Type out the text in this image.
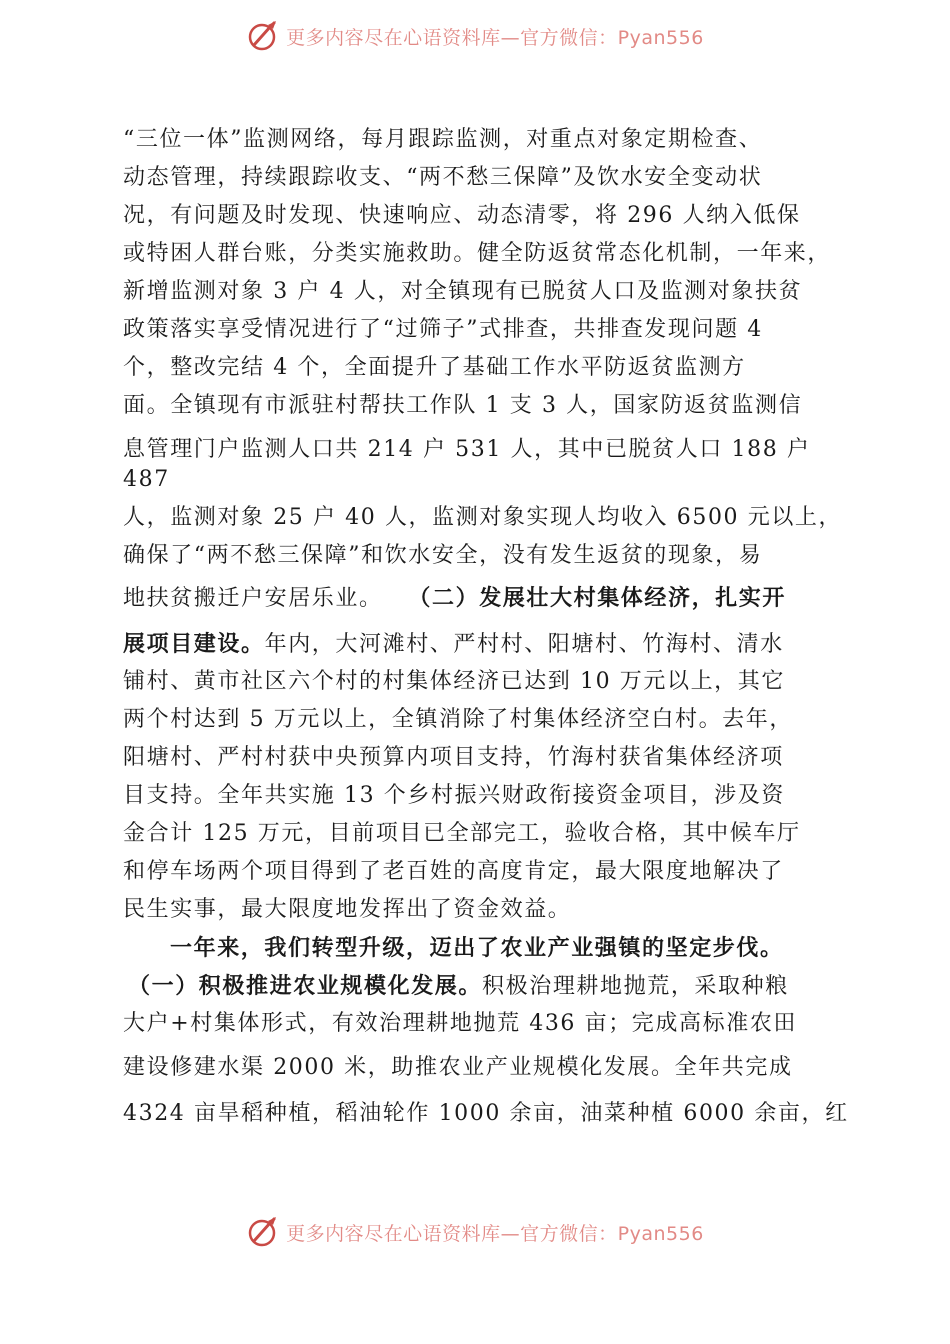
更多内容尽在心语资料库—官方微信：Pyan556
“三位一体”监测网络，每月跟踪监测，对重点对象定期检查、
动态管理，持续跟踪收支、“两不愁三保障”及饮水安全变动状
况，有问题及时发现、快速响应、动态清零，将 296 人纳入低保
或特困人群台账，分类实施救助。健全防返贫常态化机制，一年来，
新增监测对象 3 户 4 人，对全镇现有已脱贫人口及监测对象扶贫
政策落实享受情况进行了“过筛子”式排查，共排查发现问题 4
个，整改完结 4 个，全面提升了基础工作水平防返贫监测方
面。全镇现有市派驻村帮扶工作队 1 支 3 人，国家防返贫监测信
息管理门户监测人口共 214 户 531 人，其中已脱贫人口 188 户
487
人，监测对象 25 户 40 人，监测对象实现人均收入 6500 元以上，
确保了“两不愁三保障”和饮水安全，没有发生返贫的现象，易
地扶贫搬迁户安居乐业。 （二）发展壮大村集体经济，扎实开
展项目建设。年内，大河滩村、严村村、阳塘村、竹海村、清水
铺村、黄市社区六个村的村集体经济已达到 10 万元以上，其它
两个村达到 5 万元以上，全镇消除了村集体经济空白村。去年，
阳塘村、严村村获中央预算内项目支持，竹海村获省集体经济项
目支持。全年共实施 13 个乡村振兴财政衔接资金项目，涉及资
金合计 125 万元，目前项目已全部完工，验收合格，其中候车厅
和停车场两个项目得到了老百姓的高度肯定，最大限度地解决了
民生实事，最大限度地发挥出了资金效益。
一年来，我们转型升级，迈出了农业产业强镇的坚定步伐。
（一）积极推进农业规模化发展。积极治理耕地抛荒，采取种粮
大户+村集体形式，有效治理耕地抛荒 436 亩；完成高标准农田
建设修建水渠 2000 米，助推农业产业规模化发展。全年共完成
4324 亩旱稻种植，稻油轮作 1000 余亩，油菜种植 6000 余亩，红
更多内容尽在心语资料库—官方微信：Pyan556
